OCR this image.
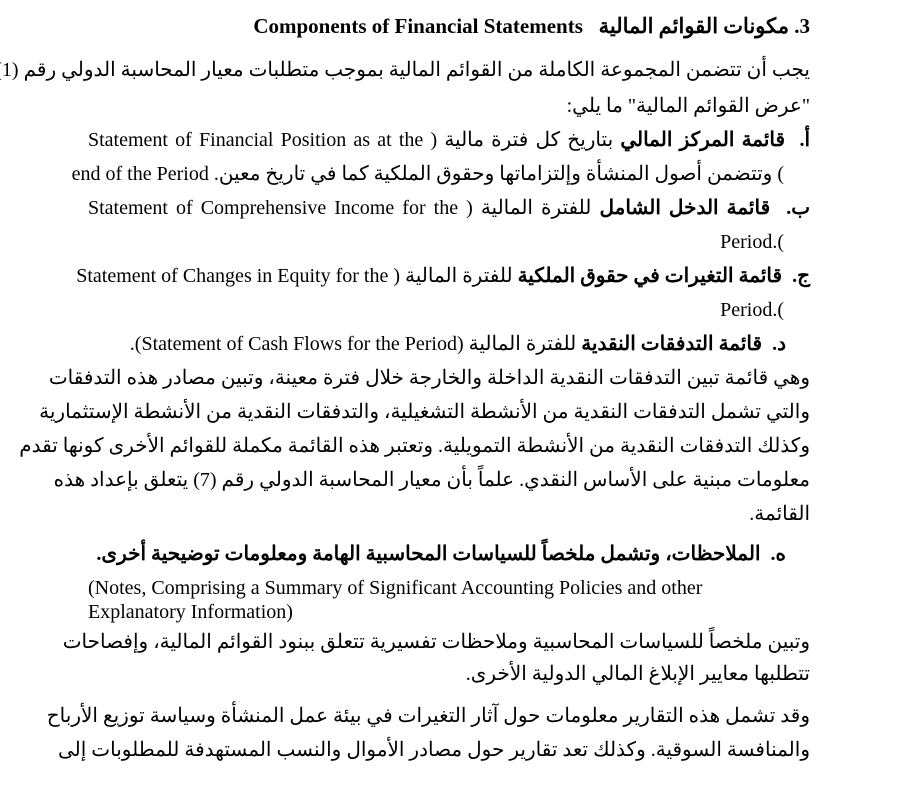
3. مكونات القوائم المالية   Components of Financial Statements
يجب أن تتضمن المجموعة الكاملة من القوائم المالية بموجب متطلبات معيار المحاسبة الدولي رقم (1
"عرض القوائم المالية" ما يلي:
أ.  قائمة المركز المالي بتاريخ كل فترة مالية ( Statement of Financial Position as at the
) وتتضمن أصول المنشأة وإلتزاماتها وحقوق الملكية كما في تاريخ معين. end of the Period
ب.  قائمة الدخل الشامل للفترة المالية ( Statement of Comprehensive Income for the
).Period
ج.  قائمة التغيرات في حقوق الملكية للفترة المالية ( Statement of Changes in Equity for the
).Period
د.  قائمة التدفقات النقدية للفترة المالية (Statement of Cash Flows for the Period).
وهي قائمة تبين التدفقات النقدية الداخلة والخارجة خلال فترة معينة، وتبين مصادر هذه التدفقات
والتي تشمل التدفقات النقدية من الأنشطة التشغيلية، والتدفقات النقدية من الأنشطة الإستثمارية
وكذلك التدفقات النقدية من الأنشطة التمويلية. وتعتبر هذه القائمة مكملة للقوائم الأخرى كونها تقدم
معلومات مبنية على الأساس النقدي. علماً بأن معيار المحاسبة الدولي رقم (7) يتعلق بإعداد هذه
القائمة.
ه.  الملاحظات، وتشمل ملخصاً للسياسات المحاسبية الهامة ومعلومات توضيحية أخرى.
(Notes, Comprising a Summary of Significant Accounting Policies and other
Explanatory Information)
وتبين ملخصاً للسياسات المحاسبية وملاحظات تفسيرية تتعلق ببنود القوائم المالية، وإفصاحات
تتطلبها معايير الإبلاغ المالي الدولية الأخرى.
وقد تشمل هذه التقارير معلومات حول آثار التغيرات في بيئة عمل المنشأة وسياسة توزيع الأرباح
والمنافسة السوقية. وكذلك تعد تقارير حول مصادر الأموال والنسب المستهدفة للمطلوبات إلى
